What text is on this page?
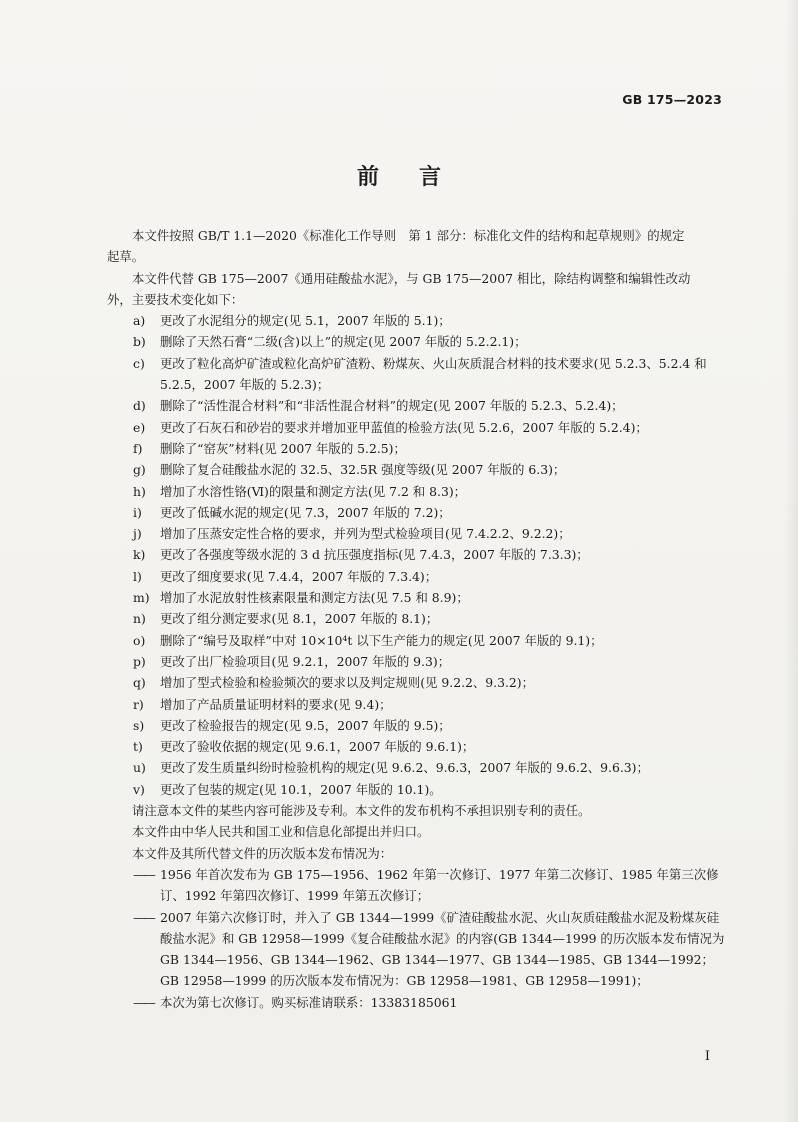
GB 175—2023
前言

本文件按照 GB/T 1.1—2020《标准化工作导则　第 1 部分：标准化文件的结构和起草规则》的规定

起草。

本文件代替 GB 175—2007《通用硅酸盐水泥》，与 GB 175—2007 相比，除结构调整和编辑性改动

外，主要技术变化如下：

a)	更改了水泥组分的规定(见 5.1，2007 年版的 5.1)；
b)	删除了天然石膏“二级(含)以上”的规定(见 2007 年版的 5.2.2.1)；
c)	更改了粒化高炉矿渣或粒化高炉矿渣粉、粉煤灰、火山灰质混合材料的技术要求(见 5.2.3、5.2.4 和 5.2.5，2007 年版的 5.2.3)；
d)	删除了“活性混合材料”和“非活性混合材料”的规定(见 2007 年版的 5.2.3、5.2.4)；
e)	更改了石灰石和砂岩的要求并增加亚甲蓝值的检验方法(见 5.2.6，2007 年版的 5.2.4)；
f)	删除了“窑灰”材料(见 2007 年版的 5.2.5)；
g)	删除了复合硅酸盐水泥的 32.5、32.5R 强度等级(见 2007 年版的 6.3)；
h)	增加了水溶性铬(Ⅵ)的限量和测定方法(见 7.2 和 8.3)；
i)	更改了低碱水泥的规定(见 7.3，2007 年版的 7.2)；
j)	增加了压蒸安定性合格的要求，并列为型式检验项目(见 7.4.2.2、9.2.2)；
k)	更改了各强度等级水泥的 3 d 抗压强度指标(见 7.4.3，2007 年版的 7.3.3)；
l)	更改了细度要求(见 7.4.4，2007 年版的 7.3.4)；
m) 增加了水泥放射性核素限量和测定方法(见 7.5 和 8.9)；
n)	更改了组分测定要求(见 8.1，2007 年版的 8.1)；
o)	删除了“编号及取样”中对 10×10⁴t 以下生产能力的规定(见 2007 年版的 9.1)；
p)	更改了出厂检验项目(见 9.2.1，2007 年版的 9.3)；
q)	增加了型式检验和检验频次的要求以及判定规则(见 9.2.2、9.3.2)；
r)	增加了产品质量证明材料的要求(见 9.4)；
s)	更改了检验报告的规定(见 9.5，2007 年版的 9.5)；
t)	更改了验收依据的规定(见 9.6.1，2007 年版的 9.6.1)；
u)	更改了发生质量纠纷时检验机构的规定(见 9.6.2、9.6.3，2007 年版的 9.6.2、9.6.3)；
v)	更改了包装的规定(见 10.1，2007 年版的 10.1)。

请注意本文件的某些内容可能涉及专利。本文件的发布机构不承担识别专利的责任。

本文件由中华人民共和国工业和信息化部提出并归口。

本文件及其所代替文件的历次版本发布情况为：

—— 1956 年首次发布为 GB 175—1956、1962 年第一次修订、1977 年第二次修订、1985 年第三次修订、1992 年第四次修订、1999 年第五次修订；
—— 2007 年第六次修订时，并入了 GB 1344—1999《矿渣硅酸盐水泥、火山灰质硅酸盐水泥及粉煤灰硅酸盐水泥》和 GB 12958—1999《复合硅酸盐水泥》的内容(GB 1344—1999 的历次版本发布情况为 GB 1344—1956、GB 1344—1962、GB 1344—1977、GB 1344—1985、GB 1344—1992；GB 12958—1999 的历次版本发布情况为：GB 12958—1981、GB 12958—1991)；
—— 本次为第七次修订。购买标准请联系：13383185061
I
